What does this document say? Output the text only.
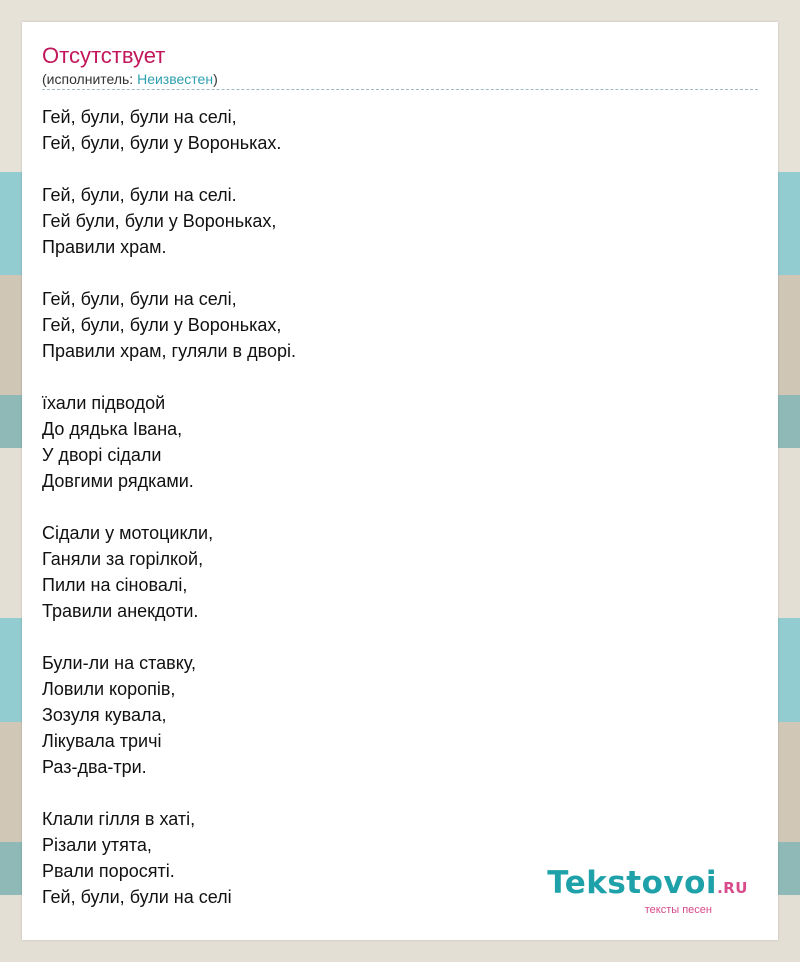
Отсутствует
(исполнитель: Неизвестен)
Гей, були, були на селі,
Гей, були, були у Вороньках.
Гей, були, були на селі.
Гей були, були у Вороньках,
Правили храм.
Гей, були, були на селі,
Гей, були, були у Вороньках,
Правили храм, гуляли в дворі.
їхали підводой
До дядька Івана,
У дворі сідали
Довгими рядками.
Сідали у мотоцикли,
Ганяли за горілкой,
Пили на сіновалі,
Травили анекдоти.
Були-ли на ставку,
Ловили коропів,
Зозуля кувала,
Лікувала тричі
Раз-два-три.
Клали гілля в хаті,
Різали утята,
Рвали поросяті.
Гей, були, були на селі	Tekstovoi.RU
тексты песен
